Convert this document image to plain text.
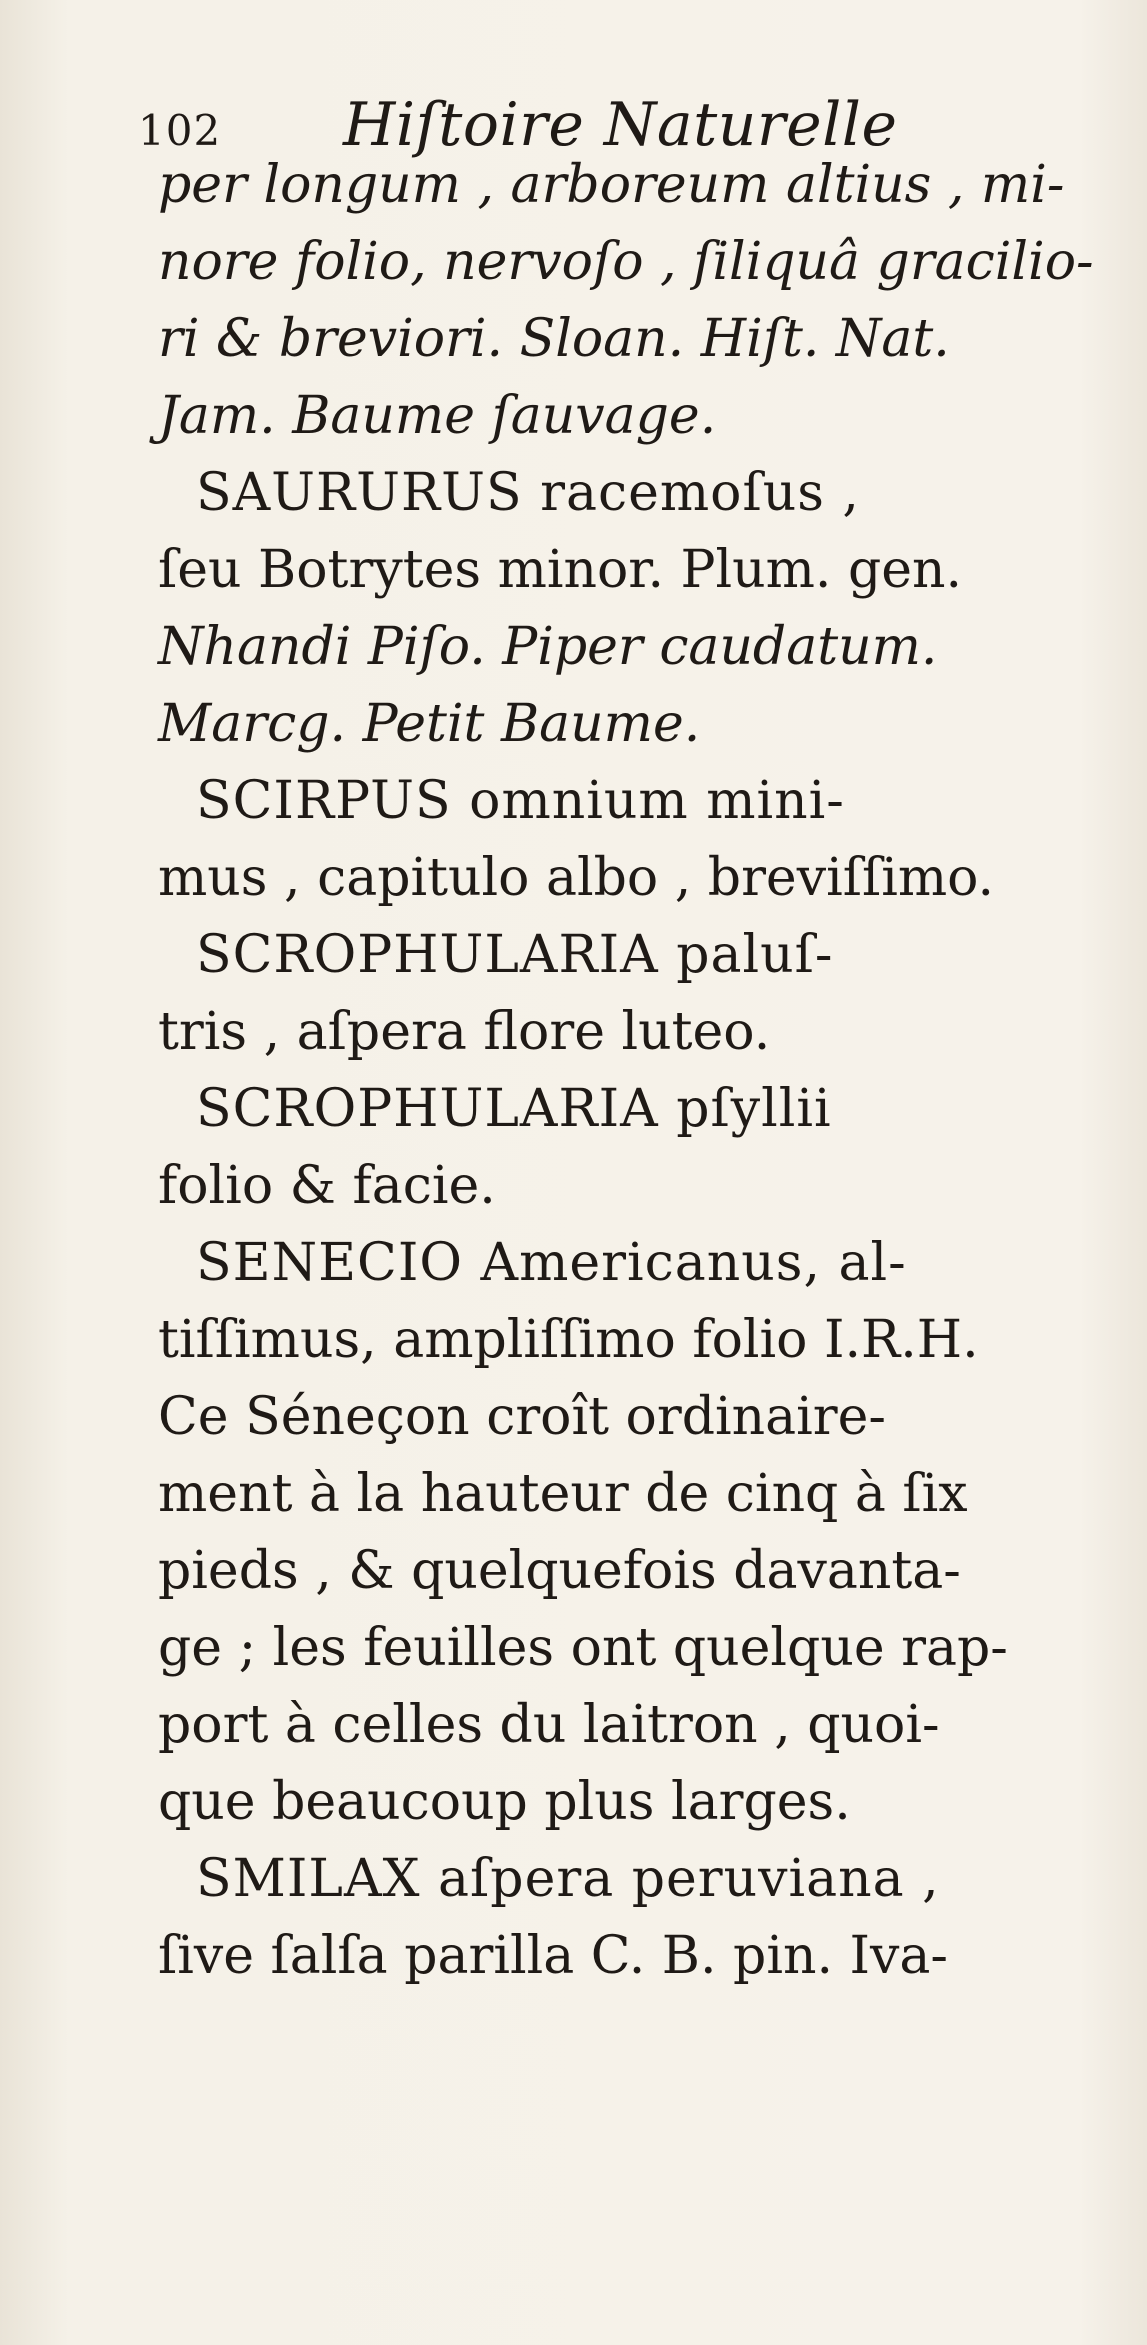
102 Hiſtoire Naturelle
per longum , arboreum altius , mi-
nore folio, nervoſo , ſiliquâ gracilio-
ri & breviori. Sloan. Hiſt. Nat.
Jam. Baume ſauvage.
SAURURUS racemoſus ,
ſeu Botrytes minor. Plum. gen.
Nhandi Piſo. Piper caudatum.
Marcg. Petit Baume.
SCIRPUS omnium mini-
mus , capitulo albo , breviſſimo.
SCROPHULARIA paluſ-
tris , aſpera flore luteo.
SCROPHULARIA pſyllii
folio & facie.
SENECIO Americanus, al-
tiſſimus, ampliſſimo folio I.R.H.
Ce Séneçon croît ordinaire-
ment à la hauteur de cinq à ſix
pieds , & quelquefois davanta-
ge ; les feuilles ont quelque rap-
port à celles du laitron , quoi-
que beaucoup plus larges.
SMILAX aſpera peruviana ,
ſive ſalſa parilla C. B. pin. Iva-
